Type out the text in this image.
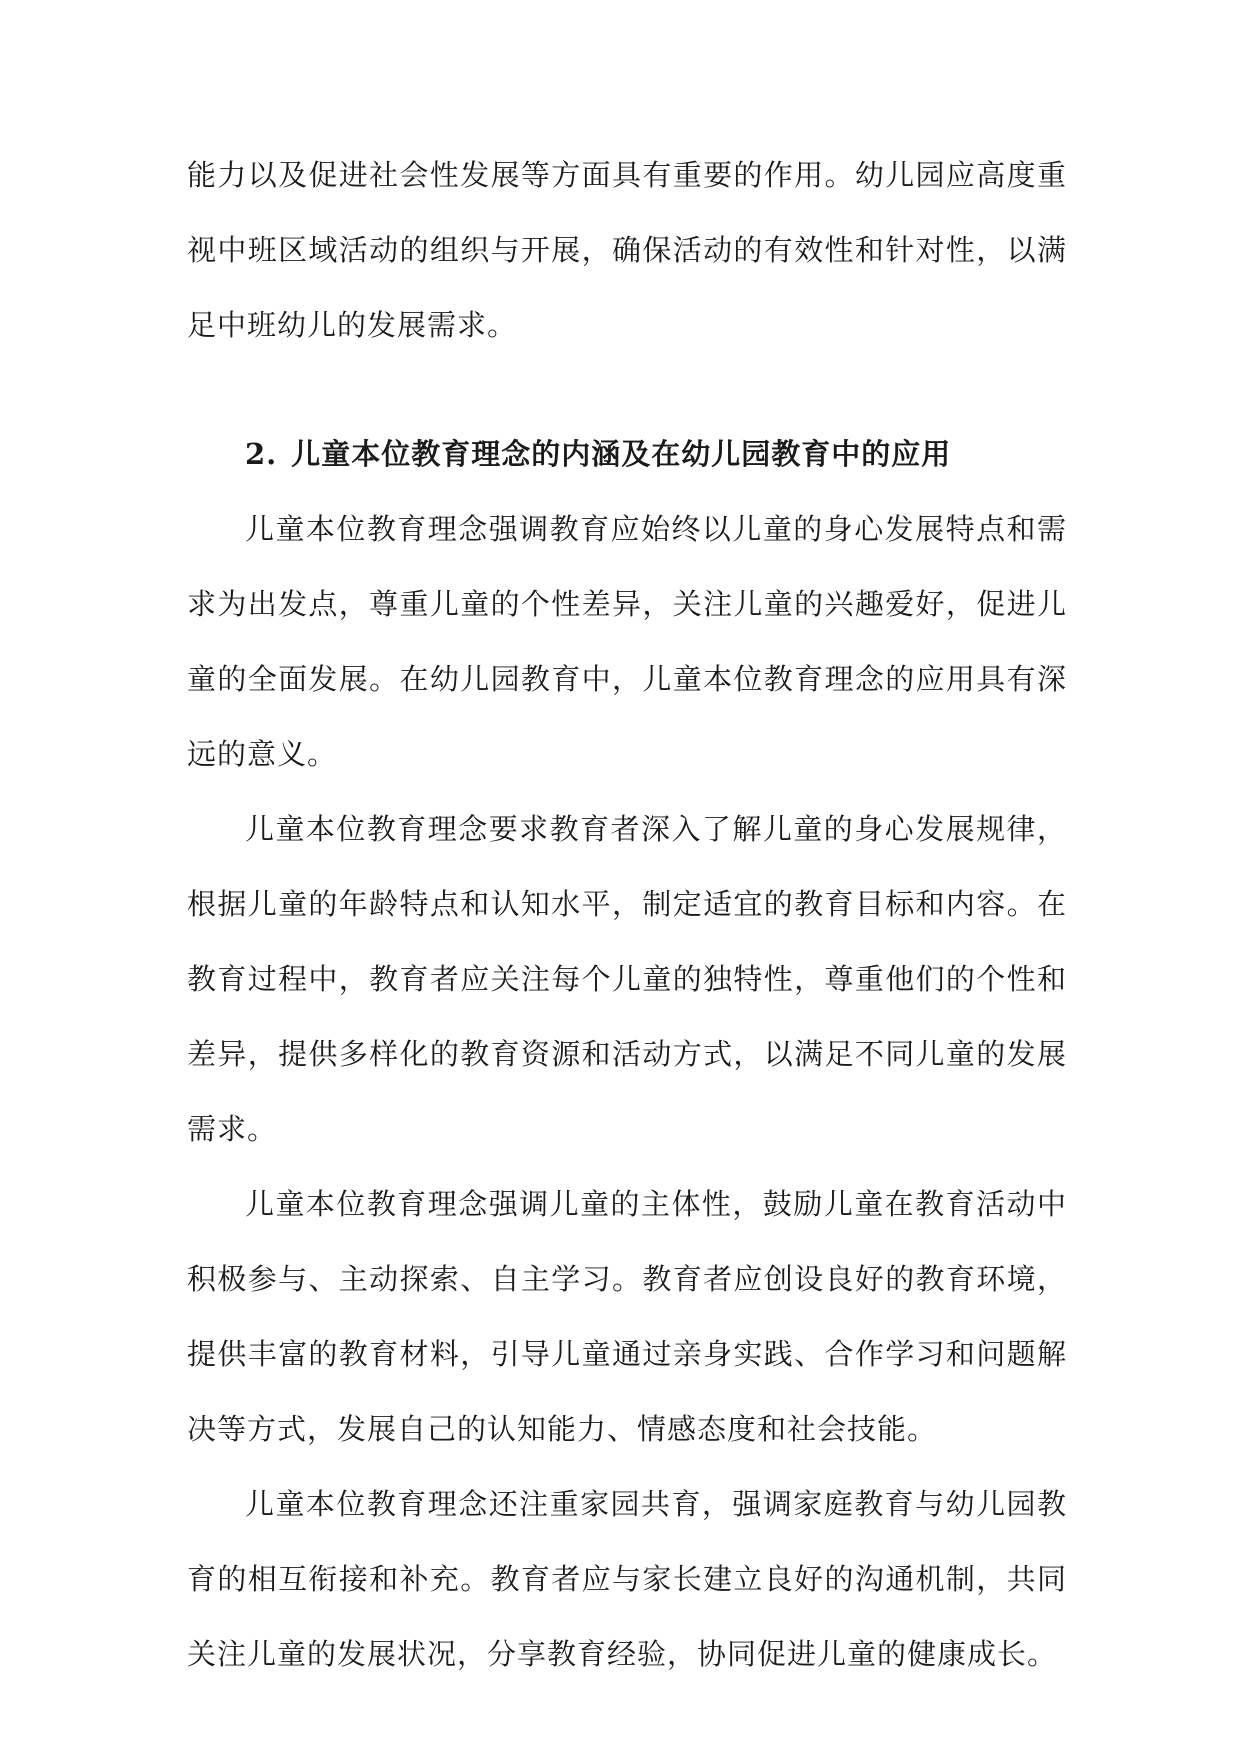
能力以及促进社会性发展等方面具有重要的作用。幼儿园应高度重视中班区域活动的组织与开展，确保活动的有效性和针对性，以满足中班幼儿的发展需求。

2. 儿童本位教育理念的内涵及在幼儿园教育中的应用

儿童本位教育理念强调教育应始终以儿童的身心发展特点和需求为出发点，尊重儿童的个性差异，关注儿童的兴趣爱好，促进儿童的全面发展。在幼儿园教育中，儿童本位教育理念的应用具有深远的意义。

儿童本位教育理念要求教育者深入了解儿童的身心发展规律，根据儿童的年龄特点和认知水平，制定适宜的教育目标和内容。在教育过程中，教育者应关注每个儿童的独特性，尊重他们的个性和差异，提供多样化的教育资源和活动方式，以满足不同儿童的发展需求。

儿童本位教育理念强调儿童的主体性，鼓励儿童在教育活动中积极参与、主动探索、自主学习。教育者应创设良好的教育环境，提供丰富的教育材料，引导儿童通过亲身实践、合作学习和问题解决等方式，发展自己的认知能力、情感态度和社会技能。

儿童本位教育理念还注重家园共育，强调家庭教育与幼儿园教育的相互衔接和补充。教育者应与家长建立良好的沟通机制，共同关注儿童的发展状况，分享教育经验，协同促进儿童的健康成长。
